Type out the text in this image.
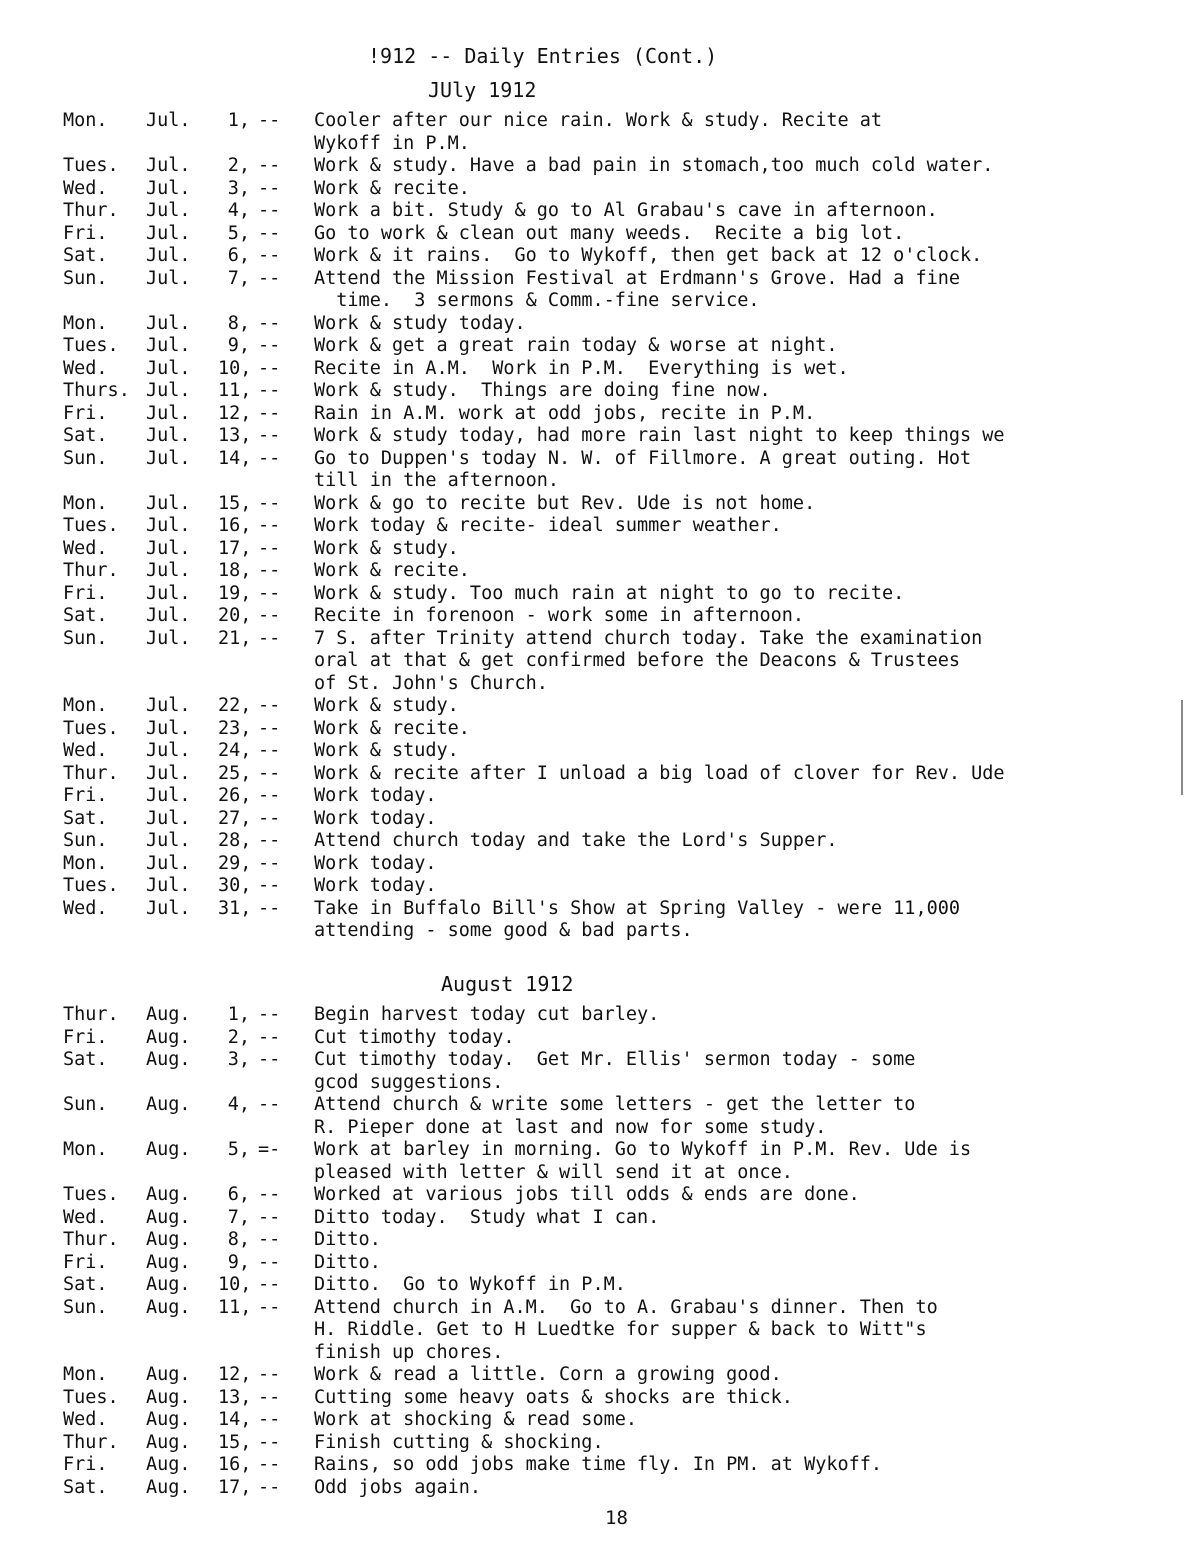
!912 -- Daily Entries (Cont.)
JUly 1912
Mon.	Jul.	1, --	Cooler after our nice rain. Work & study. Recite at
Wykoff in P.M.
Tues.	Jul.	2, --	Work & study. Have a bad pain in stomach,too much cold water.
Wed.	Jul.	3, --	Work & recite.
Thur.	Jul.	4, --	Work a bit. Study & go to Al Grabau's cave in afternoon.
Fri.	Jul.	5, --	Go to work & clean out many weeds.  Recite a big lot.
Sat.	Jul.	6, --	Work & it rains.  Go to Wykoff, then get back at 12 o'clock.
Sun.	Jul.	7, --	Attend the Mission Festival at Erdmann's Grove. Had a fine
time.  3 sermons & Comm.-fine service.
Mon.	Jul.	8, --	Work & study today.
Tues.	Jul.	9, --	Work & get a great rain today & worse at night.
Wed.	Jul.	10, --	Recite in A.M.  Work in P.M.  Everything is wet.
Thurs. Jul.	11, --	Work & study.  Things are doing fine now.
Fri.	Jul.	12, --	Rain in A.M. work at odd jobs, recite in P.M.
Sat.	Jul.	13, --	Work & study today, had more rain last night to keep things we
Sun.	Jul.	14, --	Go to Duppen's today N. W. of Fillmore. A great outing. Hot
till in the afternoon.
Mon.	Jul.	15, --	Work & go to recite but Rev. Ude is not home.
Tues.	Jul.	16, --	Work today & recite- ideal summer weather.
Wed.	Jul.	17, --	Work & study.
Thur.	Jul.	18, --	Work & recite.
Fri.	Jul.	19, --	Work & study. Too much rain at night to go to recite.
Sat.	Jul.	20, --	Recite in forenoon - work some in afternoon.
Sun.	Jul.	21, --	7 S. after Trinity attend church today. Take the examination
oral at that & get confirmed before the Deacons & Trustees
of St. John's Church.
Mon.	Jul.	22, --	Work & study.
Tues.	Jul.	23, --	Work & recite.
Wed.	Jul.	24, --	Work & study.
Thur.	Jul.	25, --	Work & recite after I unload a big load of clover for Rev. Ude
Fri.	Jul.	26, --	Work today.
Sat.	Jul.	27, --	Work today.
Sun.	Jul.	28, --	Attend church today and take the Lord's Supper.
Mon.	Jul.	29, --	Work today.
Tues.	Jul.	30, --	Work today.
Wed.	Jul.	31, --	Take in Buffalo Bill's Show at Spring Valley - were 11,000
attending - some good & bad parts.
August 1912
Thur.	Aug.	1, --	Begin harvest today cut barley.
Fri.	Aug.	2, --	Cut timothy today.
Sat.	Aug.	3, --	Cut timothy today.  Get Mr. Ellis' sermon today - some
gcod suggestions.
Sun.	Aug.	4, --	Attend church & write some letters - get the letter to
R. Pieper done at last and now for some study.
Mon.	Aug.	5, =-	Work at barley in morning. Go to Wykoff in P.M. Rev. Ude is
pleased with letter & will send it at once.
Tues.	Aug.	6, --	Worked at various jobs till odds & ends are done.
Wed.	Aug.	7, --	Ditto today.  Study what I can.
Thur.	Aug.	8, --	Ditto.
Fri.	Aug.	9, --	Ditto.
Sat.	Aug.	10, --	Ditto.  Go to Wykoff in P.M.
Sun.	Aug.	11, --	Attend church in A.M.  Go to A. Grabau's dinner. Then to
H. Riddle. Get to H Luedtke for supper & back to Witt"s
finish up chores.
Mon.	Aug.	12, --	Work & read a little. Corn a growing good.
Tues.	Aug.	13, --	Cutting some heavy oats & shocks are thick.
Wed.	Aug.	14, --	Work at shocking & read some.
Thur.	Aug.	15, --	Finish cutting & shocking.
Fri.	Aug.	16, --	Rains, so odd jobs make time fly. In PM. at Wykoff.
Sat.	Aug.	17, --	Odd jobs again.
18
